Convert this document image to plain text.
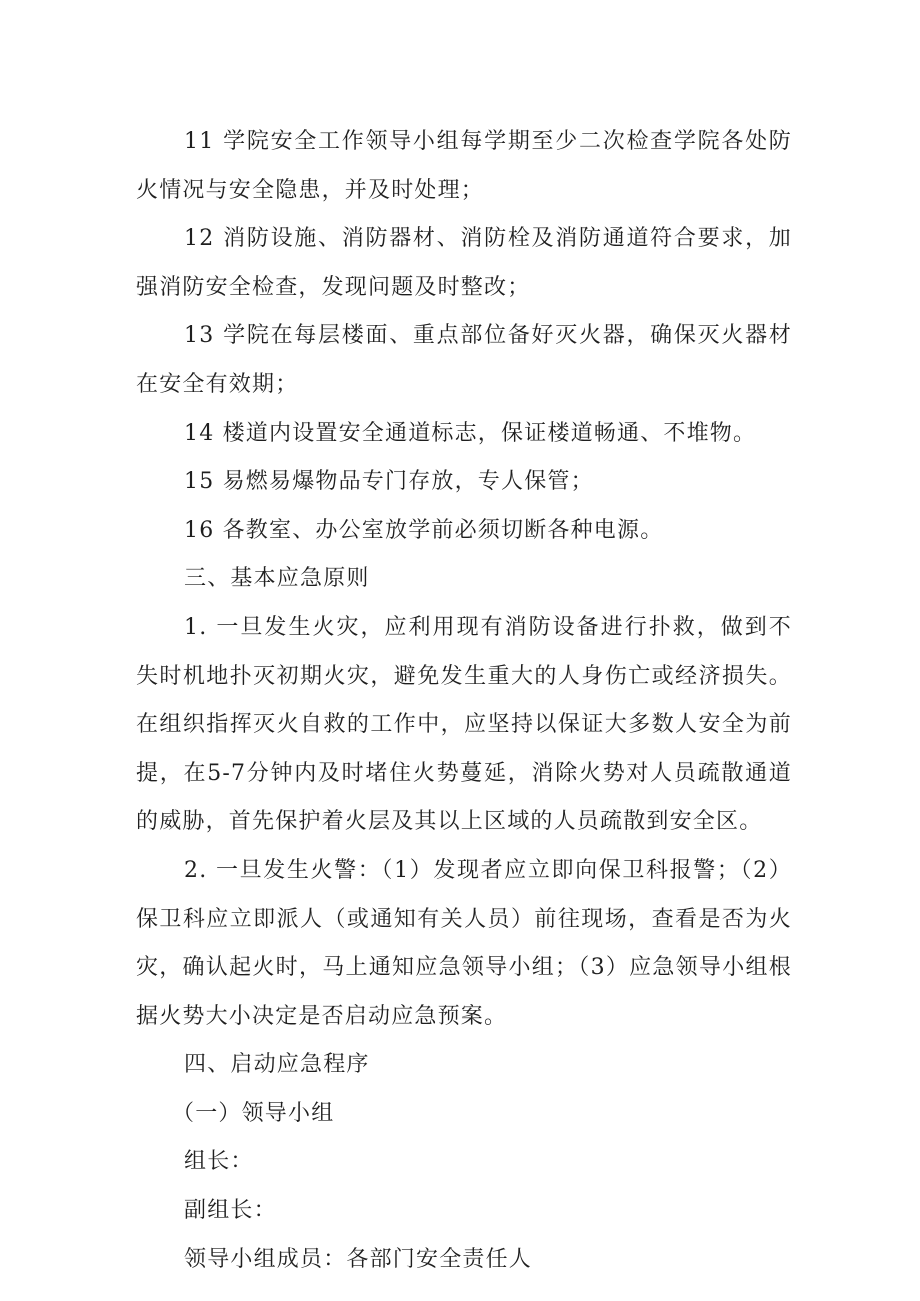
11 学院安全工作领导小组每学期至少二次检查学院各处防火情况与安全隐患，并及时处理；

12 消防设施、消防器材、消防栓及消防通道符合要求，加强消防安全检查，发现问题及时整改；

13 学院在每层楼面、重点部位备好灭火器，确保灭火器材在安全有效期；

14 楼道内设置安全通道标志，保证楼道畅通、不堆物。

15 易燃易爆物品专门存放，专人保管；

16 各教室、办公室放学前必须切断各种电源。

三、基本应急原则

1. 一旦发生火灾，应利用现有消防设备进行扑救，做到不失时机地扑灭初期火灾，避免发生重大的人身伤亡或经济损失。在组织指挥灭火自救的工作中，应坚持以保证大多数人安全为前提，在5-7分钟内及时堵住火势蔓延，消除火势对人员疏散通道的威胁，首先保护着火层及其以上区域的人员疏散到安全区。

2. 一旦发生火警：（1）发现者应立即向保卫科报警；（2）保卫科应立即派人（或通知有关人员）前往现场，查看是否为火灾，确认起火时，马上通知应急领导小组；（3）应急领导小组根据火势大小决定是否启动应急预案。

四、启动应急程序

（一）领导小组

组长：

副组长：

领导小组成员：各部门安全责任人
